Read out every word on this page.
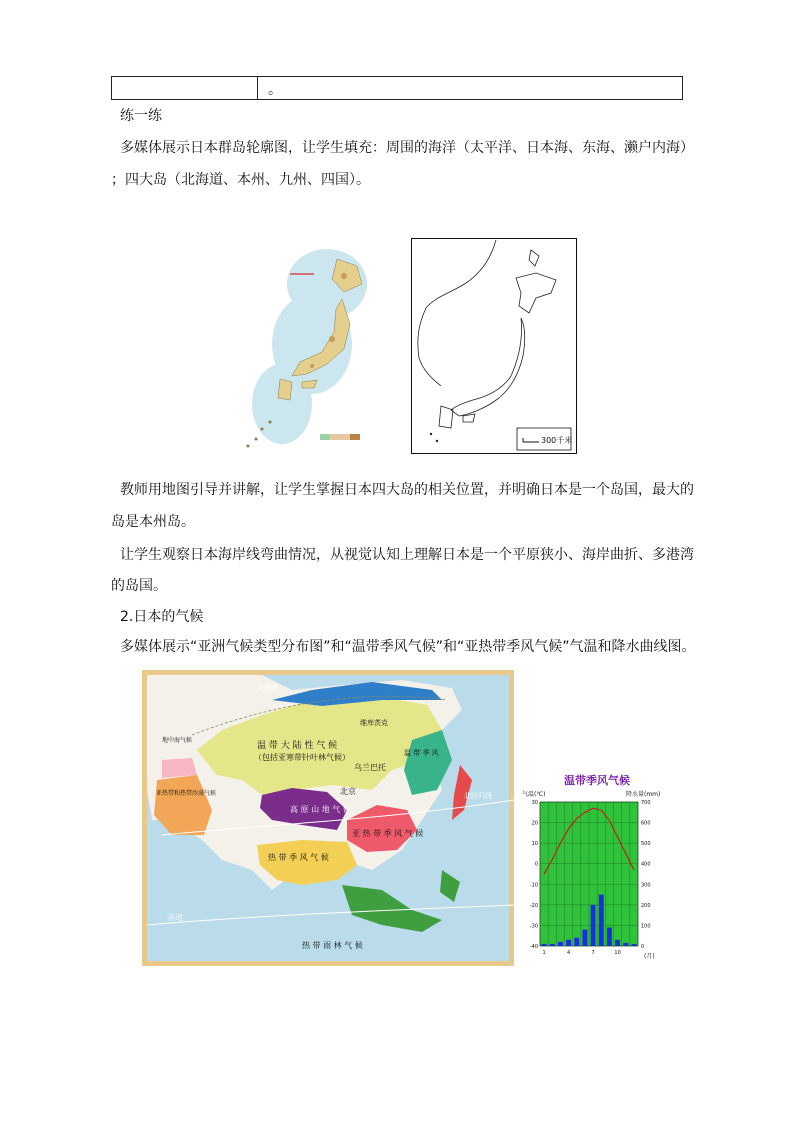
。
练一练
多媒体展示日本群岛轮廓图，让学生填充：周围的海洋（太平洋、日本海、东海、濑户内海）
；四大岛（北海道、本州、九州、四国）。
300千米
教师用地图引导并讲解，让学生掌握日本四大岛的相关位置，并明确日本是一个岛国，最大的
岛是本州岛。
让学生观察日本海岸线弯曲情况，从视觉认知上理解日本是一个平原狭小、海岸曲折、多港湾
的岛国。
2.日本的气候
多媒体展示“亚洲气候类型分布图”和“温带季风气候”和“亚热带季风气候”气温和降水曲线图。
温 带 大 陆 性 气 候
（包括亚寒带针叶林气候）
乌兰巴托
北京
高 原 山 地 气 候
热 带 季 风 气 候
亚 热 带 季 风 气 候
温 带 季 风
热 带 雨 林 气 候
地中海气候
亚热带和热带沙漠气候
赤道
北回归线
北极圈
维库茨克
温带季风气候
气温(℃)	降水量(mm)
(月)
30
20
10
0
-10
-20
-30
-40
700
600
500
400
300
200
100
0
1	4	7	10
